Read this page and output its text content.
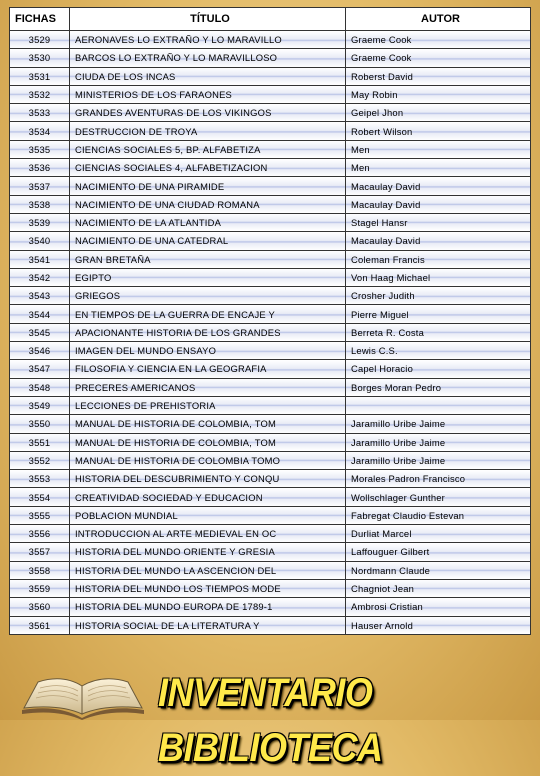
FICHAS	TÍTULO	AUTOR
3529	AERONAVES LO EXTRAÑO Y LO MARAVILLO	Graeme Cook
3530	BARCOS LO EXTRAÑO Y LO MARAVILLOSO	Graeme Cook
3531	CIUDA DE LOS INCAS	Roberst David
3532	MINISTERIOS DE LOS FARAONES	May Robin
3533	GRANDES AVENTURAS DE LOS VIKINGOS	Geipel Jhon
3534	DESTRUCCION DE TROYA	Robert Wilson
3535	CIENCIAS SOCIALES 5, BP. ALFABETIZA	Men
3536	CIENCIAS SOCIALES 4, ALFABETIZACION	Men
3537	NACIMIENTO DE UNA PIRAMIDE	Macaulay David
3538	NACIMIENTO DE UNA CIUDAD ROMANA	Macaulay David
3539	NACIMIENTO DE LA ATLANTIDA	Stagel Hansr
3540	NACIMIENTO DE UNA CATEDRAL	Macaulay David
3541	GRAN BRETAÑA	Coleman Francis
3542	EGIPTO	Von Haag Michael
3543	GRIEGOS	Crosher Judith
3544	EN TIEMPOS DE LA GUERRA DE ENCAJE Y	Pierre Miguel
3545	APACIONANTE HISTORIA DE LOS GRANDES	Berreta R. Costa
3546	IMAGEN DEL MUNDO ENSAYO	Lewis C.S.
3547	FILOSOFIA Y CIENCIA EN LA GEOGRAFIA	Capel Horacio
3548	PRECERES AMERICANOS	Borges Moran Pedro
3549	LECCIONES DE PREHISTORIA	
3550	MANUAL DE HISTORIA DE COLOMBIA, TOM	Jaramillo Uribe Jaime
3551	MANUAL DE HISTORIA DE COLOMBIA, TOM	Jaramillo Uribe Jaime
3552	MANUAL DE HISTORIA DE COLOMBIA TOMO	Jaramillo Uribe Jaime
3553	HISTORIA DEL DESCUBRIMIENTO Y CONQU	Morales Padron Francisco
3554	CREATIVIDAD SOCIEDAD Y EDUCACION	Wollschlager Gunther
3555	POBLACION MUNDIAL	Fabregat Claudio Estevan
3556	INTRODUCCION AL ARTE MEDIEVAL EN OC	Durliat Marcel
3557	HISTORIA DEL MUNDO ORIENTE Y GRESIA	Laffouguer Gilbert
3558	HISTORIA DEL MUNDO LA ASCENCION DEL	Nordmann Claude
3559	HISTORIA DEL MUNDO LOS TIEMPOS MODE	Chagniot Jean
3560	HISTORIA DEL MUNDO EUROPA DE 1789-1	Ambrosi Cristian
3561	HISTORIA SOCIAL DE LA LITERATURA Y	Hauser Arnold
INVENTARIO BIBILIOTECA
